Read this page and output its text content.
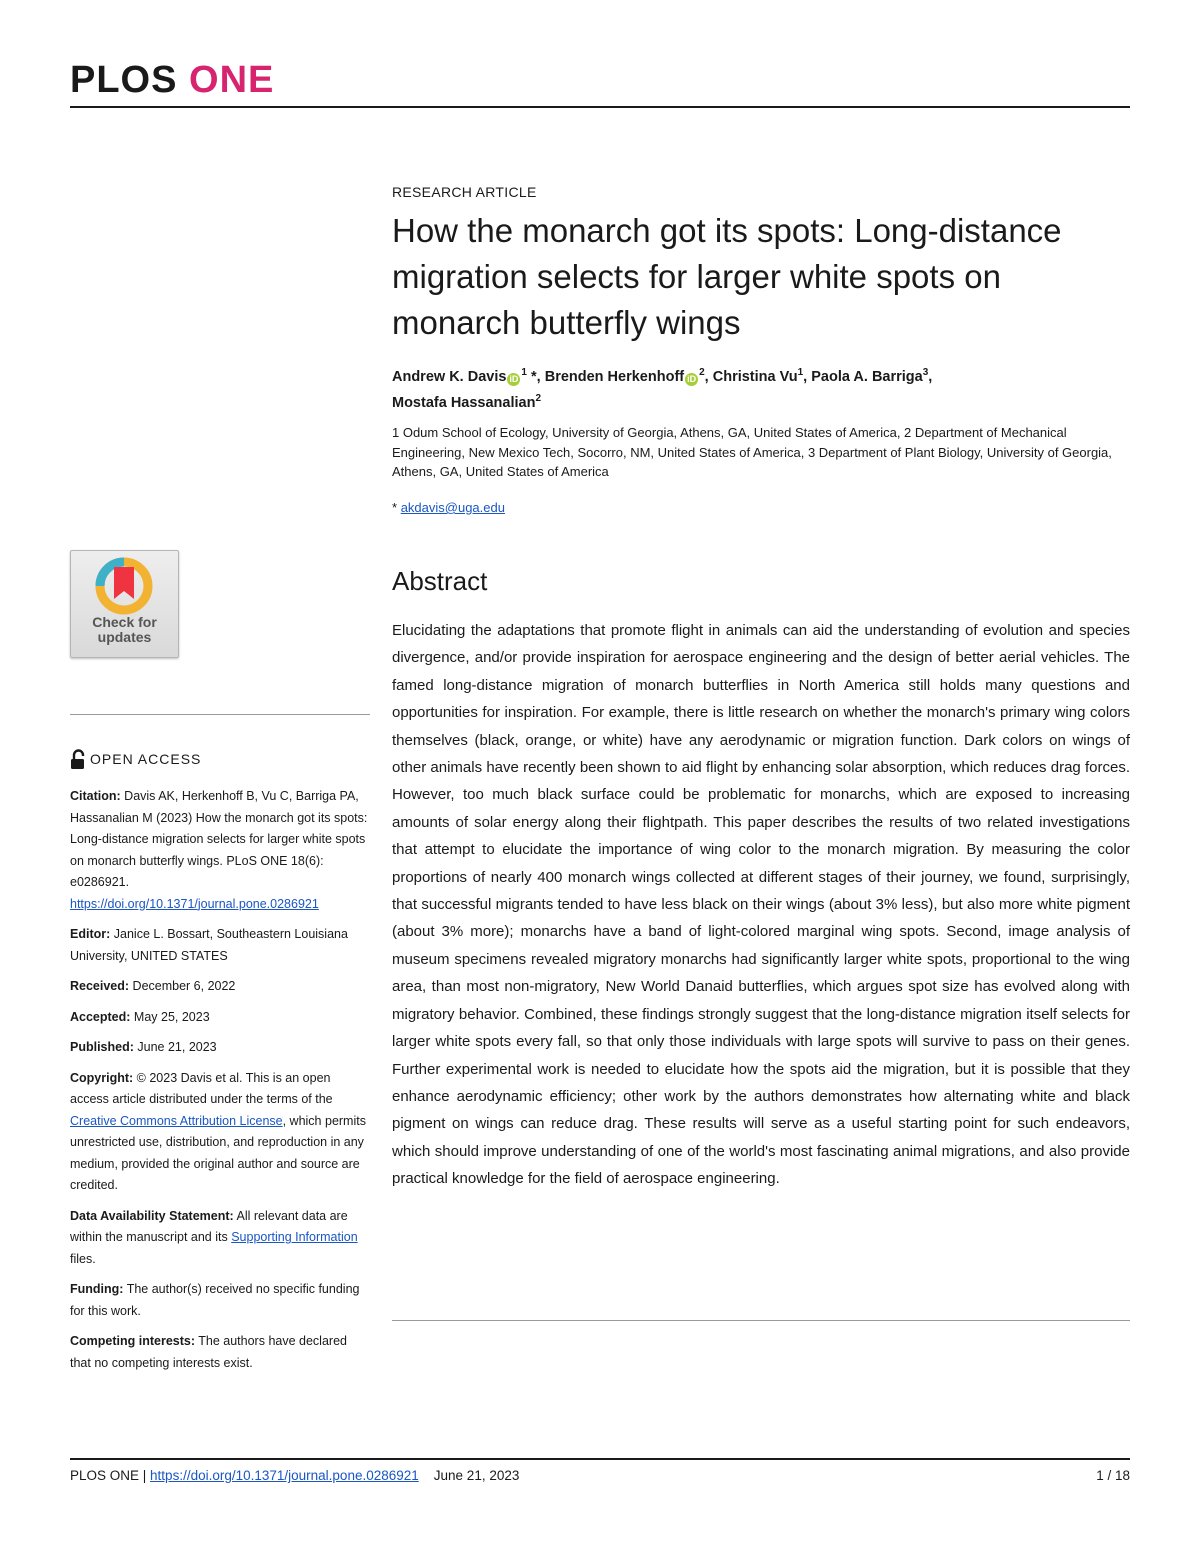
PLOS ONE
Check for
updates
OPEN ACCESS

Citation: Davis AK, Herkenhoff B, Vu C, Barriga PA, Hassanalian M (2023) How the monarch got its spots: Long-distance migration selects for larger white spots on monarch butterfly wings. PLoS ONE 18(6): e0286921. https://doi.org/10.1371/journal.pone.0286921

Editor: Janice L. Bossart, Southeastern Louisiana University, UNITED STATES

Received: December 6, 2022

Accepted: May 25, 2023

Published: June 21, 2023

Copyright: © 2023 Davis et al. This is an open access article distributed under the terms of the Creative Commons Attribution License, which permits unrestricted use, distribution, and reproduction in any medium, provided the original author and source are credited.

Data Availability Statement: All relevant data are within the manuscript and its Supporting Information files.

Funding: The author(s) received no specific funding for this work.

Competing interests: The authors have declared that no competing interests exist.

RESEARCH ARTICLE
How the monarch got its spots: Long-distance migration selects for larger white spots on monarch butterfly wings
Andrew K. Davis $iD^1$ *, Brenden Herkenhoff $iD^2$, Christina Vu$^1$, Paola A. Barriga$^3$,
Mostafa Hassanalian$^2$
1 Odum School of Ecology, University of Georgia, Athens, GA, United States of America, 2 Department of Mechanical Engineering, New Mexico Tech, Socorro, NM, United States of America, 3 Department of Plant Biology, University of Georgia, Athens, GA, United States of America
* akdavis@uga.edu
Abstract

Elucidating the adaptations that promote flight in animals can aid the understanding of evolution and species divergence, and/or provide inspiration for aerospace engineering and the design of better aerial vehicles. The famed long-distance migration of monarch butterflies in North America still holds many questions and opportunities for inspiration. For example, there is little research on whether the monarch's primary wing colors themselves (black, orange, or white) have any aerodynamic or migration function. Dark colors on wings of other animals have recently been shown to aid flight by enhancing solar absorption, which reduces drag forces. However, too much black surface could be problematic for monarchs, which are exposed to increasing amounts of solar energy along their flightpath. This paper describes the results of two related investigations that attempt to elucidate the importance of wing color to the monarch migration. By measuring the color proportions of nearly 400 monarch wings collected at different stages of their journey, we found, surprisingly, that successful migrants tended to have less black on their wings (about 3% less), but also more white pigment (about 3% more); monarchs have a band of light-colored marginal wing spots. Second, image analysis of museum specimens revealed migratory monarchs had significantly larger white spots, proportional to the wing area, than most non-migratory, New World Danaid butterflies, which argues spot size has evolved along with migratory behavior. Combined, these findings strongly suggest that the long-distance migration itself selects for larger white spots every fall, so that only those individuals with large spots will survive to pass on their genes. Further experimental work is needed to elucidate how the spots aid the migration, but it is possible that they enhance aerodynamic efficiency; other work by the authors demonstrates how alternating white and black pigment on wings can reduce drag. These results will serve as a useful starting point for such endeavors, which should improve understanding of one of the world's most fascinating animal migrations, and also provide practical knowledge for the field of aerospace engineering.

PLOS ONE | https://doi.org/10.1371/journal.pone.0286921 June 21, 2023	1 / 18
